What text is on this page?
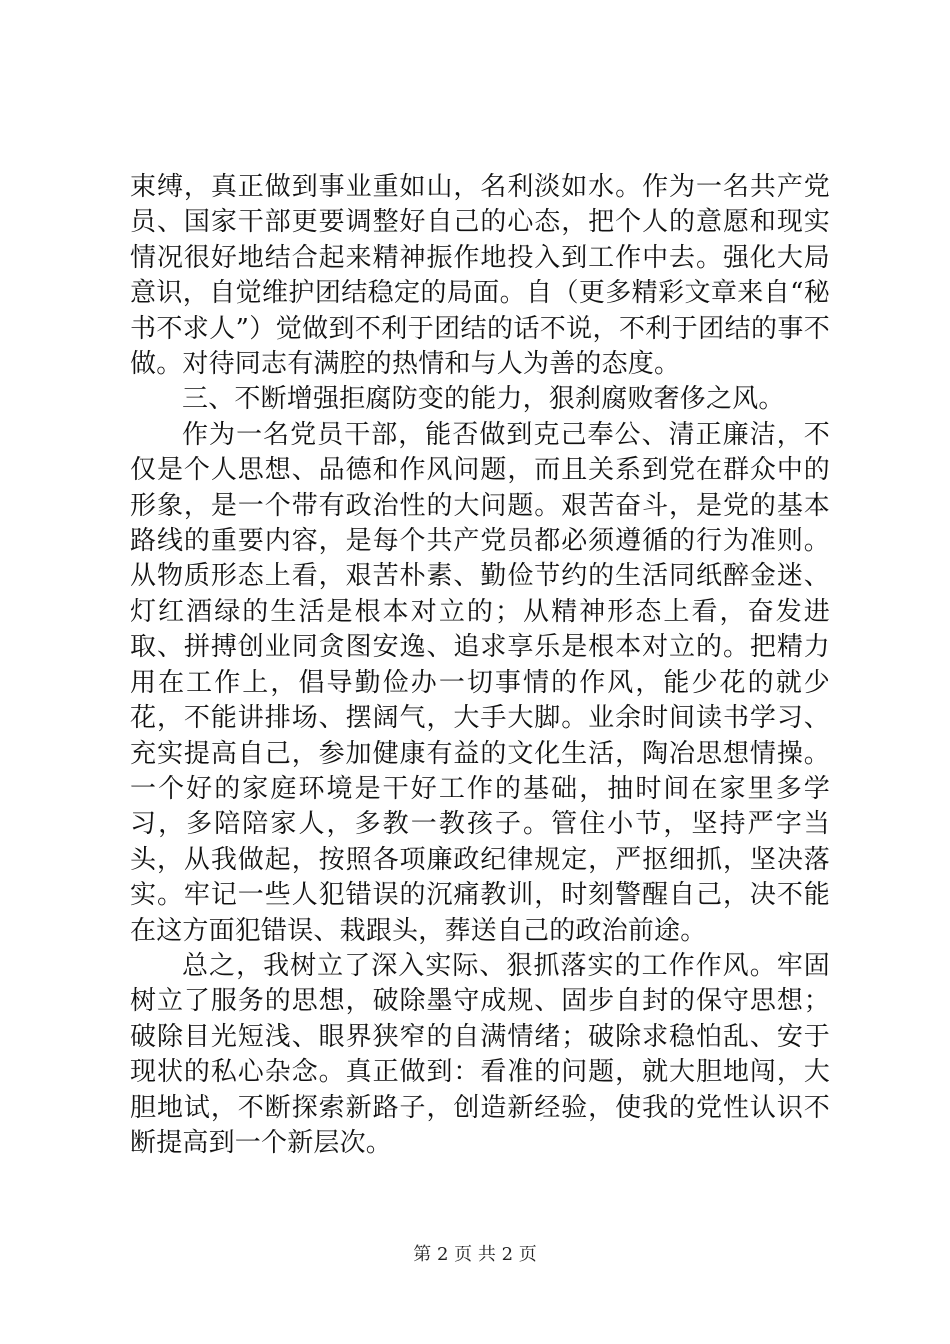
束缚，真正做到事业重如山，名利淡如水。作为一名共产党员、国家干部更要调整好自己的心态，把个人的意愿和现实情况很好地结合起来精神振作地投入到工作中去。强化大局意识，自觉维护团结稳定的局面。自（更多精彩文章来自“秘书不求人”）觉做到不利于团结的话不说，不利于团结的事不做。对待同志有满腔的热情和与人为善的态度。

三、不断增强拒腐防变的能力，狠刹腐败奢侈之风。

作为一名党员干部，能否做到克己奉公、清正廉洁，不仅是个人思想、品德和作风问题，而且关系到党在群众中的形象，是一个带有政治性的大问题。艰苦奋斗，是党的基本路线的重要内容，是每个共产党员都必须遵循的行为准则。从物质形态上看，艰苦朴素、勤俭节约的生活同纸醉金迷、灯红酒绿的生活是根本对立的；从精神形态上看，奋发进取、拼搏创业同贪图安逸、追求享乐是根本对立的。把精力用在工作上，倡导勤俭办一切事情的作风，能少花的就少花，不能讲排场、摆阔气，大手大脚。业余时间读书学习、充实提高自己，参加健康有益的文化生活，陶冶思想情操。一个好的家庭环境是干好工作的基础，抽时间在家里多学习，多陪陪家人，多教一教孩子。管住小节，坚持严字当头，从我做起，按照各项廉政纪律规定，严抠细抓，坚决落实。牢记一些人犯错误的沉痛教训，时刻警醒自己，决不能在这方面犯错误、栽跟头，葬送自己的政治前途。

总之，我树立了深入实际、狠抓落实的工作作风。牢固树立了服务的思想，破除墨守成规、固步自封的保守思想；破除目光短浅、眼界狭窄的自满情绪；破除求稳怕乱、安于现状的私心杂念。真正做到：看准的问题，就大胆地闯，大胆地试，不断探索新路子，创造新经验，使我的党性认识不断提高到一个新层次。

第 2 页 共 2 页
